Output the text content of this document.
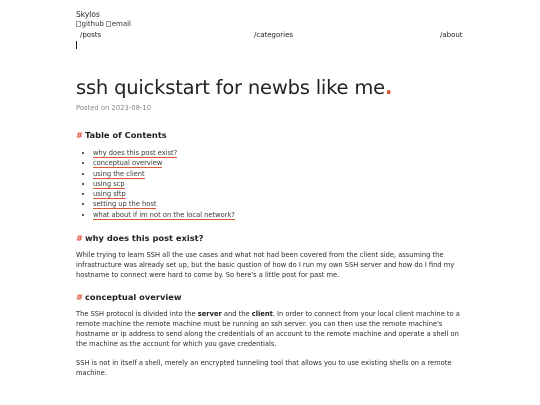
Skylos
github email
/posts	/categories	/about
ssh quickstart for newbs like me.
Posted on 2023-08-10
# Table of Contents
• why does this post exist?
• conceptual overview
• using the client
• using scp
• using sftp
• setting up the host
• what about if im not on the local network?
# why does this post exist?

While trying to learn SSH all the use cases and what not had been covered from the client side, assuming the infrastructure was already set up, but the basic qustion of how do I run my own SSH server and how do I find my hostname to connect were hard to come by. So here's a little post for past me.

# conceptual overview

The SSH protocol is divided into the server and the client. In order to connect from your local client machine to a remote machine the remote machine must be running an ssh server. you can then use the remote machine's hostname or ip address to send along the credentials of an account to the remote machine and operate a shell on the machine as the account for which you gave credentials.

SSH is not in itself a shell, merely an encrypted tunneling tool that allows you to use existing shells on a remote machine.
